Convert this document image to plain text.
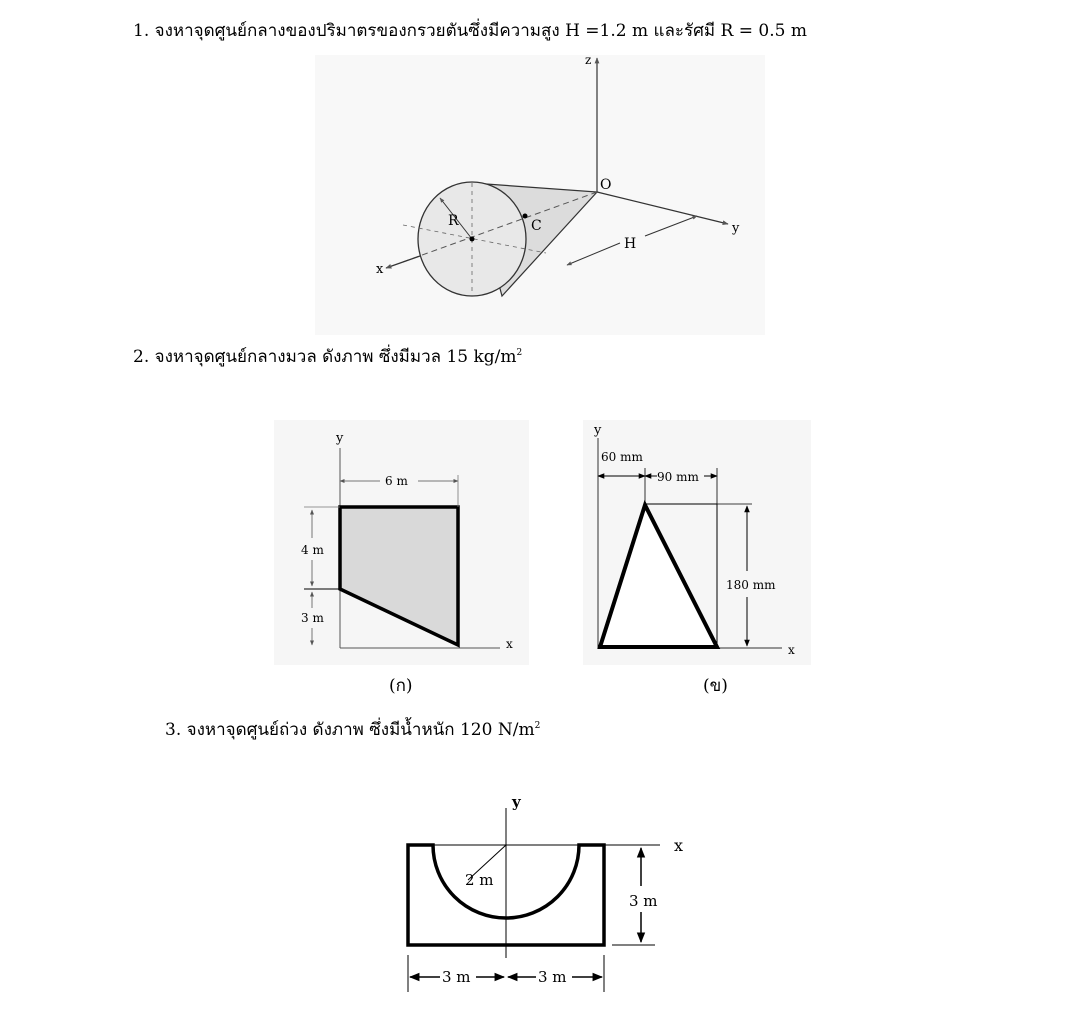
1. จงหาจุดศูนย์กลางของปริมาตรของกรวยตันซึ่งมีความสูง H =1.2 m และรัศมี R = 0.5 m
2. จงหาจุดศูนย์กลางมวล ดังภาพ ซึ่งมีมวล 15 $kg/m^2$
3. จงหาจุดศูนย์ถ่วง ดังภาพ ซึ่งมีน้ำหนัก 120 $N/m^2$
(ก)	(ข)
z
y
x
R	C
O
H
y
x
6 m
4 m
3 m
y
x
60 mm
90 mm
180 mm
y
x
2 m
3 m
3 m	3 m
